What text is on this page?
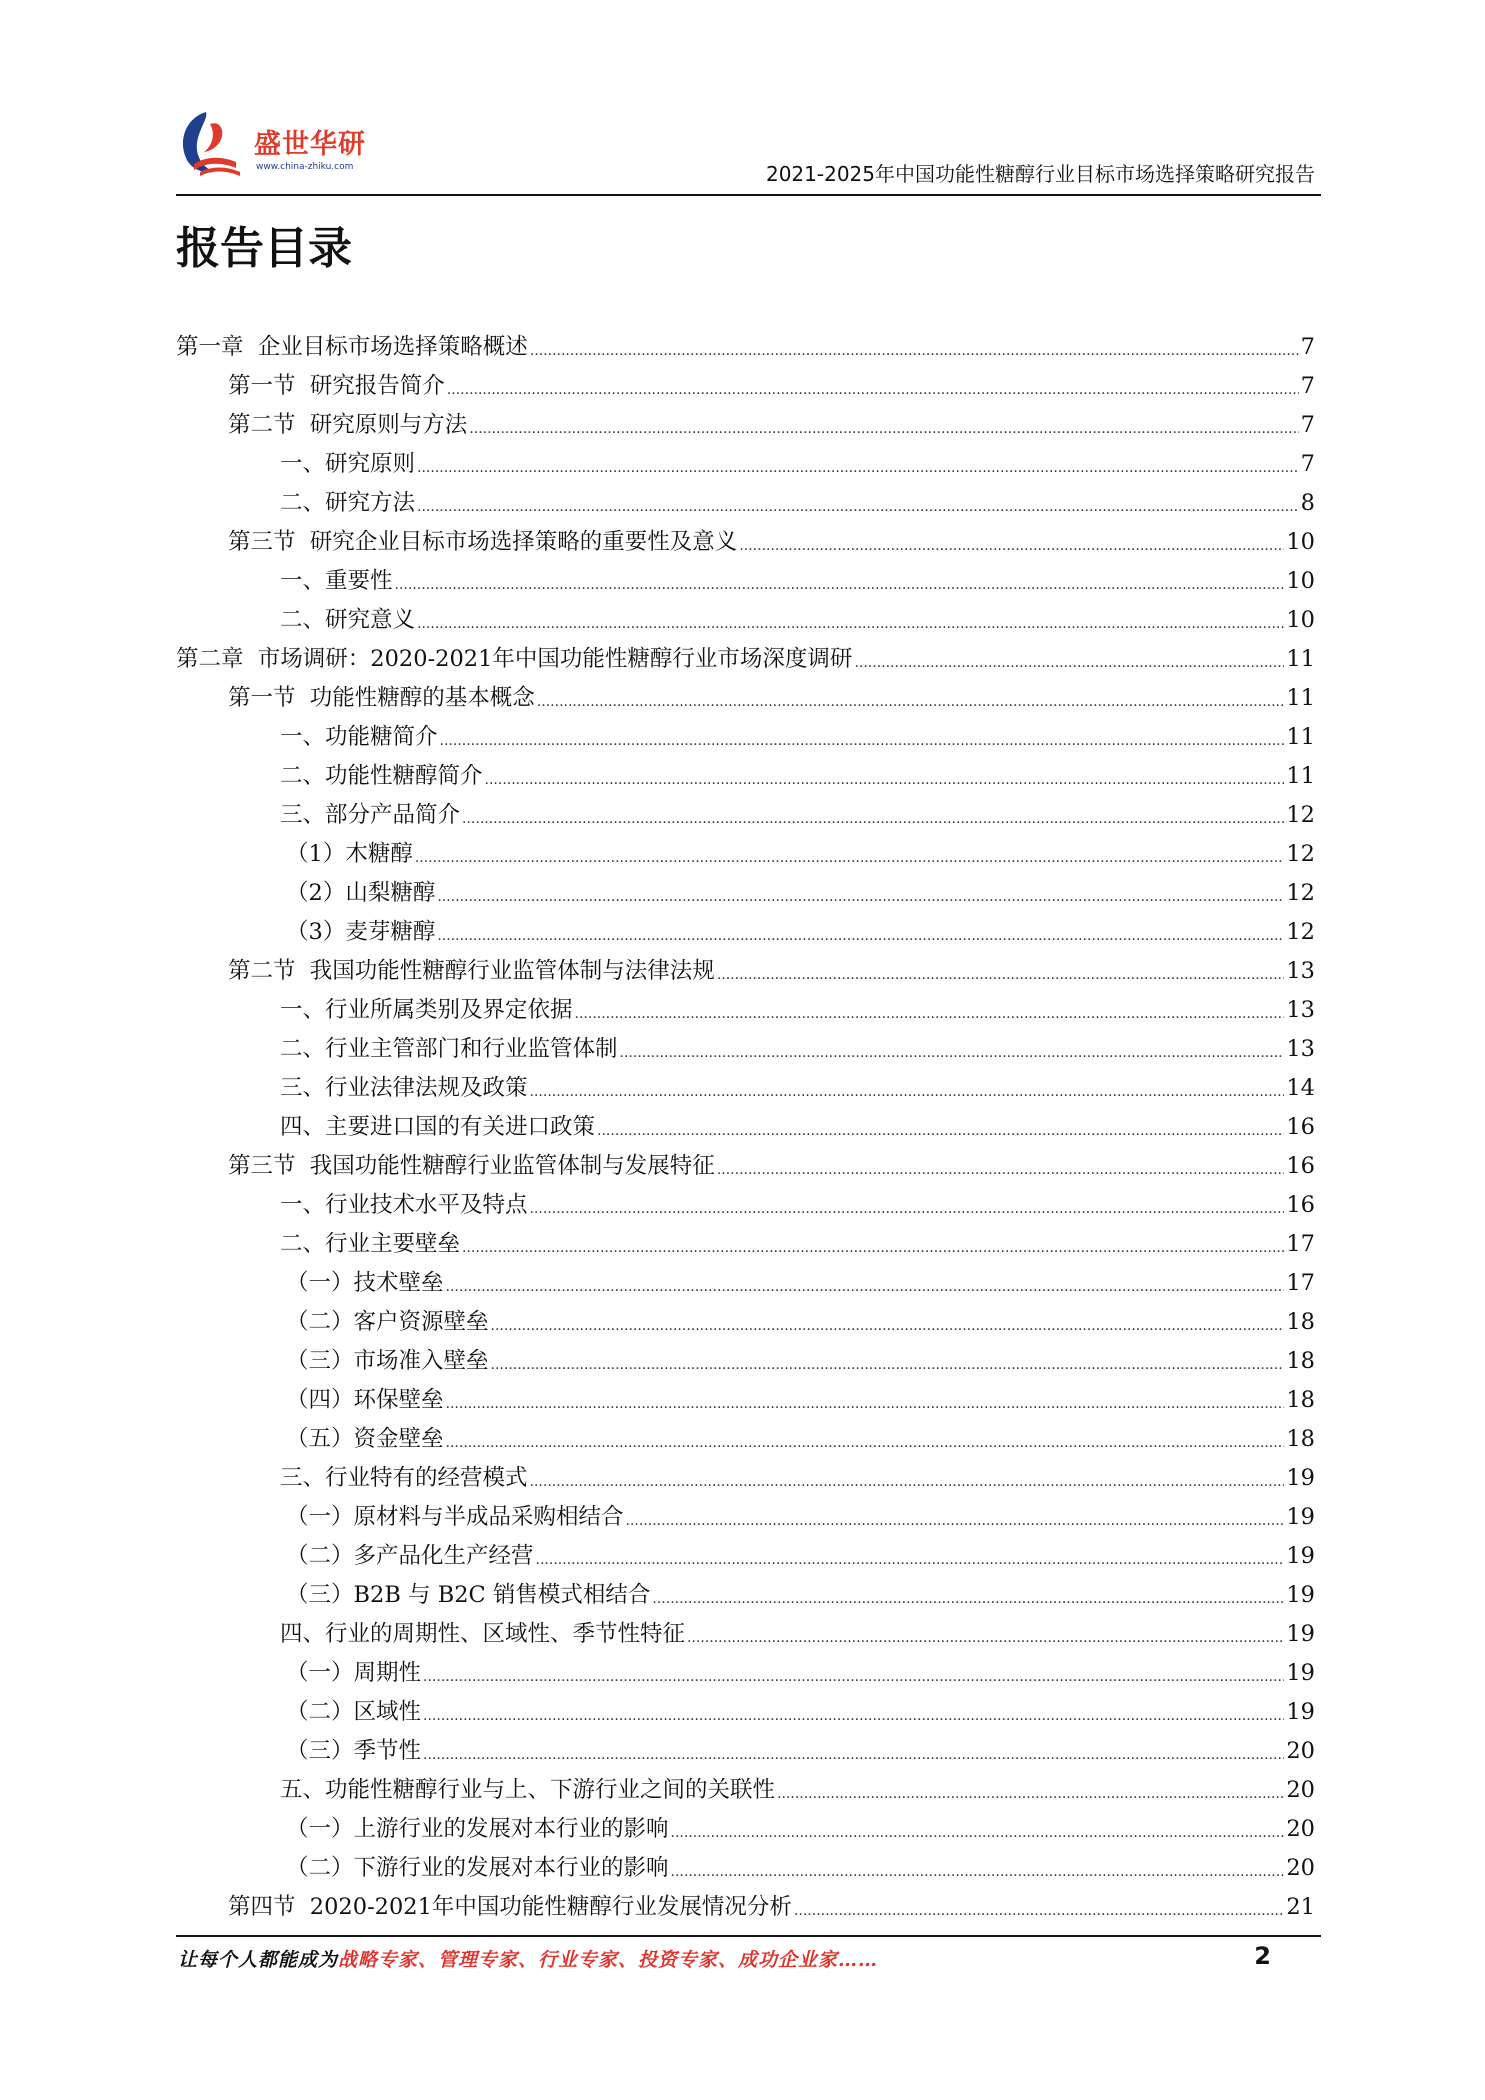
盛世华研
www.china-zhiku.com	2021-2025年中国功能性糖醇行业目标市场选择策略研究报告
报告目录
第一章  企业目标市场选择策略概述 .....	7
第一节  研究报告简介 .....	7
第二节  研究原则与方法 .....	7
一、研究原则 .....	7
二、研究方法 .....	8
第三节  研究企业目标市场选择策略的重要性及意义 .....	10
一、重要性 .....	10
二、研究意义 .....	10
第二章  市场调研：2020-2021年中国功能性糖醇行业市场深度调研 .....	11
第一节  功能性糖醇的基本概念 .....	11
一、功能糖简介 .....	11
二、功能性糖醇简介 .....	11
三、部分产品简介 .....	12
（1）木糖醇 .....	12
（2）山梨糖醇 .....	12
（3）麦芽糖醇 .....	12
第二节  我国功能性糖醇行业监管体制与法律法规 .....	13
一、行业所属类别及界定依据 .....	13
二、行业主管部门和行业监管体制 .....	13
三、行业法律法规及政策 .....	14
四、主要进口国的有关进口政策 .....	16
第三节  我国功能性糖醇行业监管体制与发展特征 .....	16
一、行业技术水平及特点 .....	16
二、行业主要壁垒 .....	17
（一）技术壁垒 .....	17
（二）客户资源壁垒 .....	18
（三）市场准入壁垒 .....	18
（四）环保壁垒 .....	18
（五）资金壁垒 .....	18
三、行业特有的经营模式 .....	19
（一）原材料与半成品采购相结合 .....	19
（二）多产品化生产经营 .....	19
（三）B2B 与 B2C 销售模式相结合 .....	19
四、行业的周期性、区域性、季节性特征 .....	19
（一）周期性 .....	19
（二）区域性 .....	19
（三）季节性 .....	20
五、功能性糖醇行业与上、下游行业之间的关联性 .....	20
（一）上游行业的发展对本行业的影响 .....	20
（二）下游行业的发展对本行业的影响 .....	20
第四节  2020-2021年中国功能性糖醇行业发展情况分析 .....	21
让每个人都能成为战略专家、管理专家、行业专家、投资专家、成功企业家……	2
